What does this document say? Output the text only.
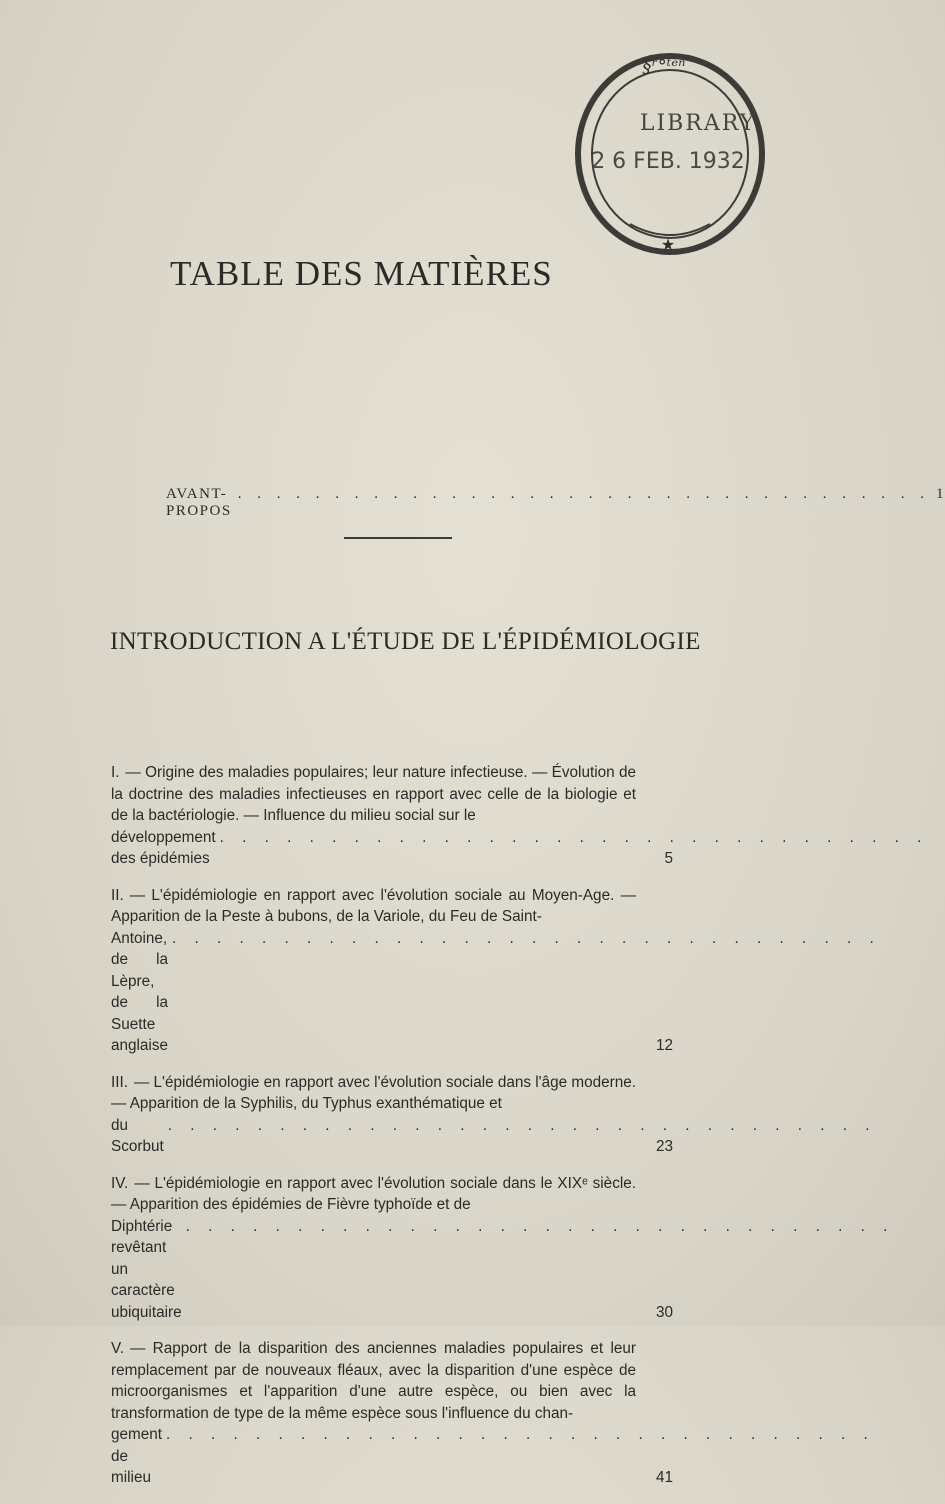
§ʳ°ᵗᵉⁿ
LIBRARY
2 6 FEB. 1932
★
TABLE DES MATIÈRES
AVANT-PROPOS
. . . . . . . . . . . . . . . . . . . . . . . . . . . . . . . . . . . . 1
INTRODUCTION A L'ÉTUDE DE L'ÉPIDÉMIOLOGIE
I. — Origine des maladies populaires; leur nature infectieuse. — Évolution de la doctrine des maladies infectieuses en rapport avec celle de la biologie et de la bactériologie. — Influence du milieu social sur le
développement des épidémies
. . . . . . . . . . . . . . . . . . . . . . . . . . . . . . . .
5
II. — L'épidémiologie en rapport avec l'évolution sociale au Moyen-Age. — Apparition de la Peste à bubons, de la Variole, du Feu de Saint-
Antoine, de la Lèpre, de la Suette anglaise
. . . . . . . . . . . . . . . . . . . . . . . . . . . . . . . .
12
III. — L'épidémiologie en rapport avec l'évolution sociale dans l'âge moderne. — Apparition de la Syphilis, du Typhus exanthématique et
du Scorbut
. . . . . . . . . . . . . . . . . . . . . . . . . . . . . . . .
23
IV. — L'épidémiologie en rapport avec l'évolution sociale dans le XIXᵉ siècle. — Apparition des épidémies de Fièvre typhoïde et de
Diphtérie revêtant un caractère ubiquitaire
. . . . . . . . . . . . . . . . . . . . . . . . . . . . . . . .
30
V. — Rapport de la disparition des anciennes maladies populaires et leur remplacement par de nouveaux fléaux, avec la disparition d'une espèce de microorganismes et l'apparition d'une autre espèce, ou bien avec la transformation de type de la même espèce sous l'influence du chan-
gement de milieu
. . . . . . . . . . . . . . . . . . . . . . . . . . . . . . . .
41
